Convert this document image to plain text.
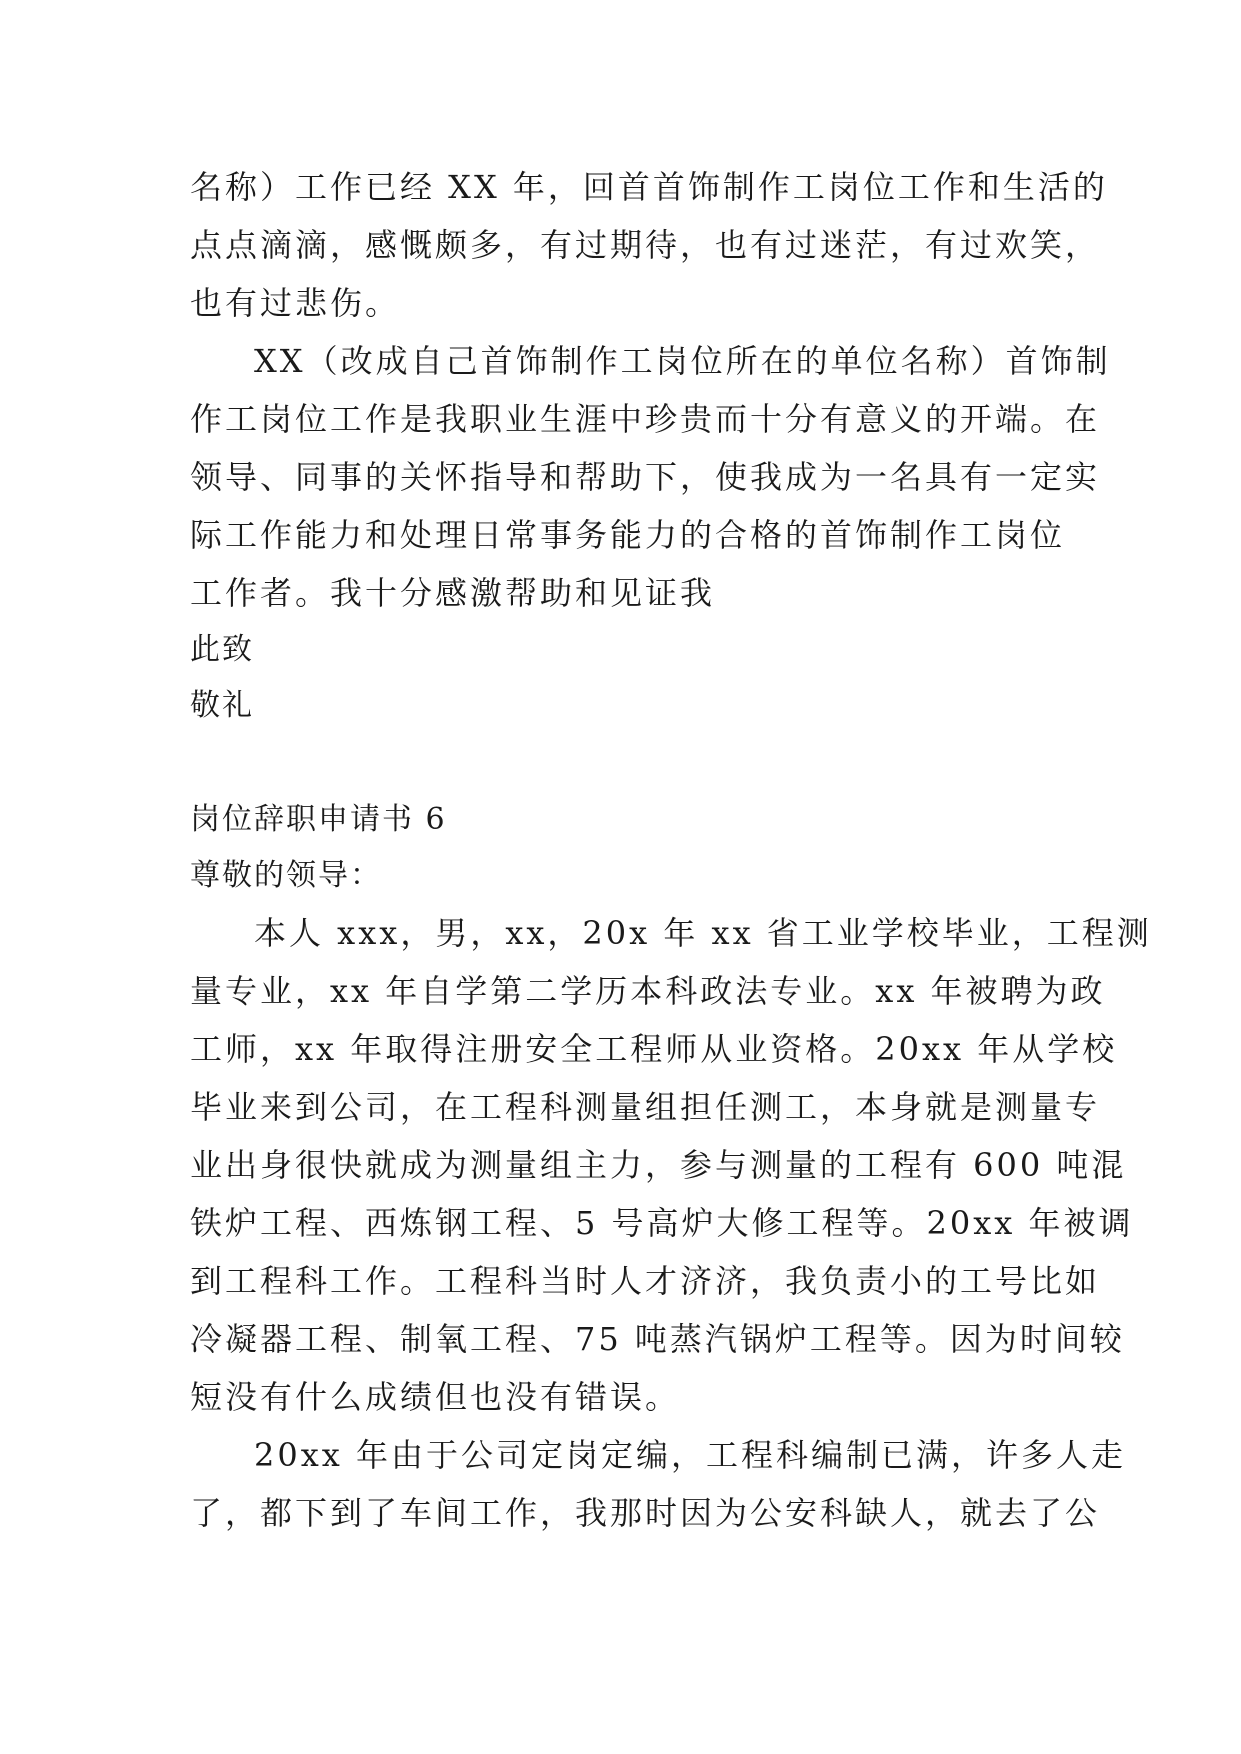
名称）工作已经 XX 年，回首首饰制作工岗位工作和生活的
点点滴滴，感慨颇多，有过期待，也有过迷茫，有过欢笑，
也有过悲伤。
XX（改成自己首饰制作工岗位所在的单位名称）首饰制
作工岗位工作是我职业生涯中珍贵而十分有意义的开端。在
领导、同事的关怀指导和帮助下，使我成为一名具有一定实
际工作能力和处理日常事务能力的合格的首饰制作工岗位
工作者。我十分感激帮助和见证我
此致
敬礼
岗位辞职申请书 6
尊敬的领导：
本人 xxx，男，xx，20x 年 xx 省工业学校毕业，工程测
量专业，xx 年自学第二学历本科政法专业。xx 年被聘为政
工师，xx 年取得注册安全工程师从业资格。20xx 年从学校
毕业来到公司，在工程科测量组担任测工，本身就是测量专
业出身很快就成为测量组主力，参与测量的工程有 600 吨混
铁炉工程、西炼钢工程、5 号高炉大修工程等。20xx 年被调
到工程科工作。工程科当时人才济济，我负责小的工号比如
冷凝器工程、制氧工程、75 吨蒸汽锅炉工程等。因为时间较
短没有什么成绩但也没有错误。
20xx 年由于公司定岗定编，工程科编制已满，许多人走
了，都下到了车间工作，我那时因为公安科缺人，就去了公
